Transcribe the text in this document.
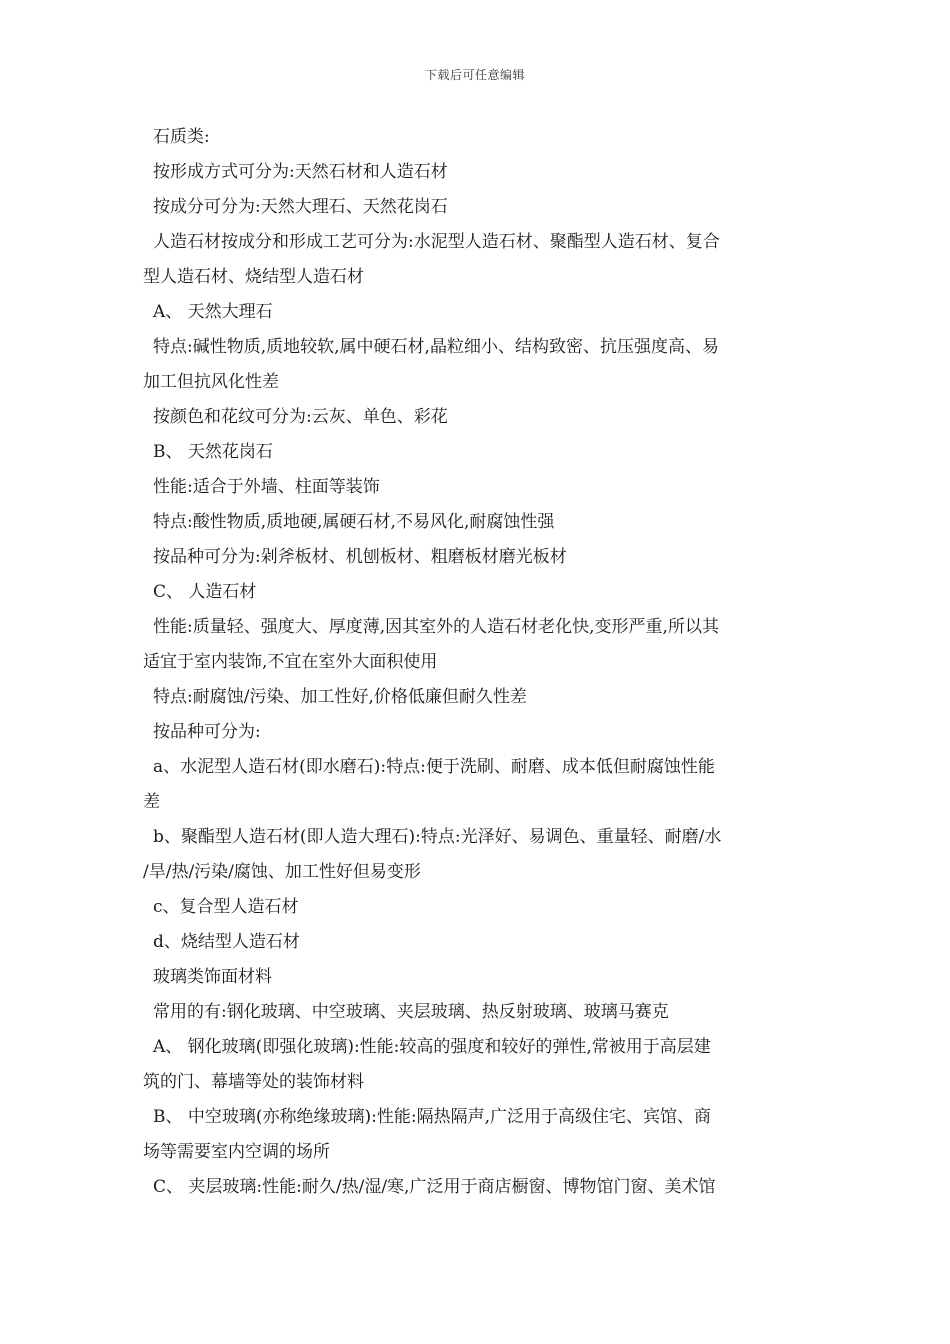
下载后可任意编辑
石质类:
按形成方式可分为:天然石材和人造石材
按成分可分为:天然大理石、天然花岗石
人造石材按成分和形成工艺可分为:水泥型人造石材、聚酯型人造石材、复合
型人造石材、烧结型人造石材
A、 天然大理石
特点:碱性物质,质地较软,属中硬石材,晶粒细小、结构致密、抗压强度高、易
加工但抗风化性差
按颜色和花纹可分为:云灰、单色、彩花
B、 天然花岗石
性能:适合于外墙、柱面等装饰
特点:酸性物质,质地硬,属硬石材,不易风化,耐腐蚀性强
按品种可分为:剁斧板材、机刨板材、粗磨板材磨光板材
C、 人造石材
性能:质量轻、强度大、厚度薄,因其室外的人造石材老化快,变形严重,所以其
适宜于室内装饰,不宜在室外大面积使用
特点:耐腐蚀/污染、加工性好,价格低廉但耐久性差
按品种可分为:
a、水泥型人造石材(即水磨石):特点:便于洗刷、耐磨、成本低但耐腐蚀性能
差
b、聚酯型人造石材(即人造大理石):特点:光泽好、易调色、重量轻、耐磨/水
/旱/热/污染/腐蚀、加工性好但易变形
c、复合型人造石材
d、烧结型人造石材
玻璃类饰面材料
常用的有:钢化玻璃、中空玻璃、夹层玻璃、热反射玻璃、玻璃马赛克
A、 钢化玻璃(即强化玻璃):性能:较高的强度和较好的弹性,常被用于高层建
筑的门、幕墙等处的装饰材料
B、 中空玻璃(亦称绝缘玻璃):性能:隔热隔声,广泛用于高级住宅、宾馆、商
场等需要室内空调的场所
C、 夹层玻璃:性能:耐久/热/湿/寒,广泛用于商店橱窗、博物馆门窗、美术馆
